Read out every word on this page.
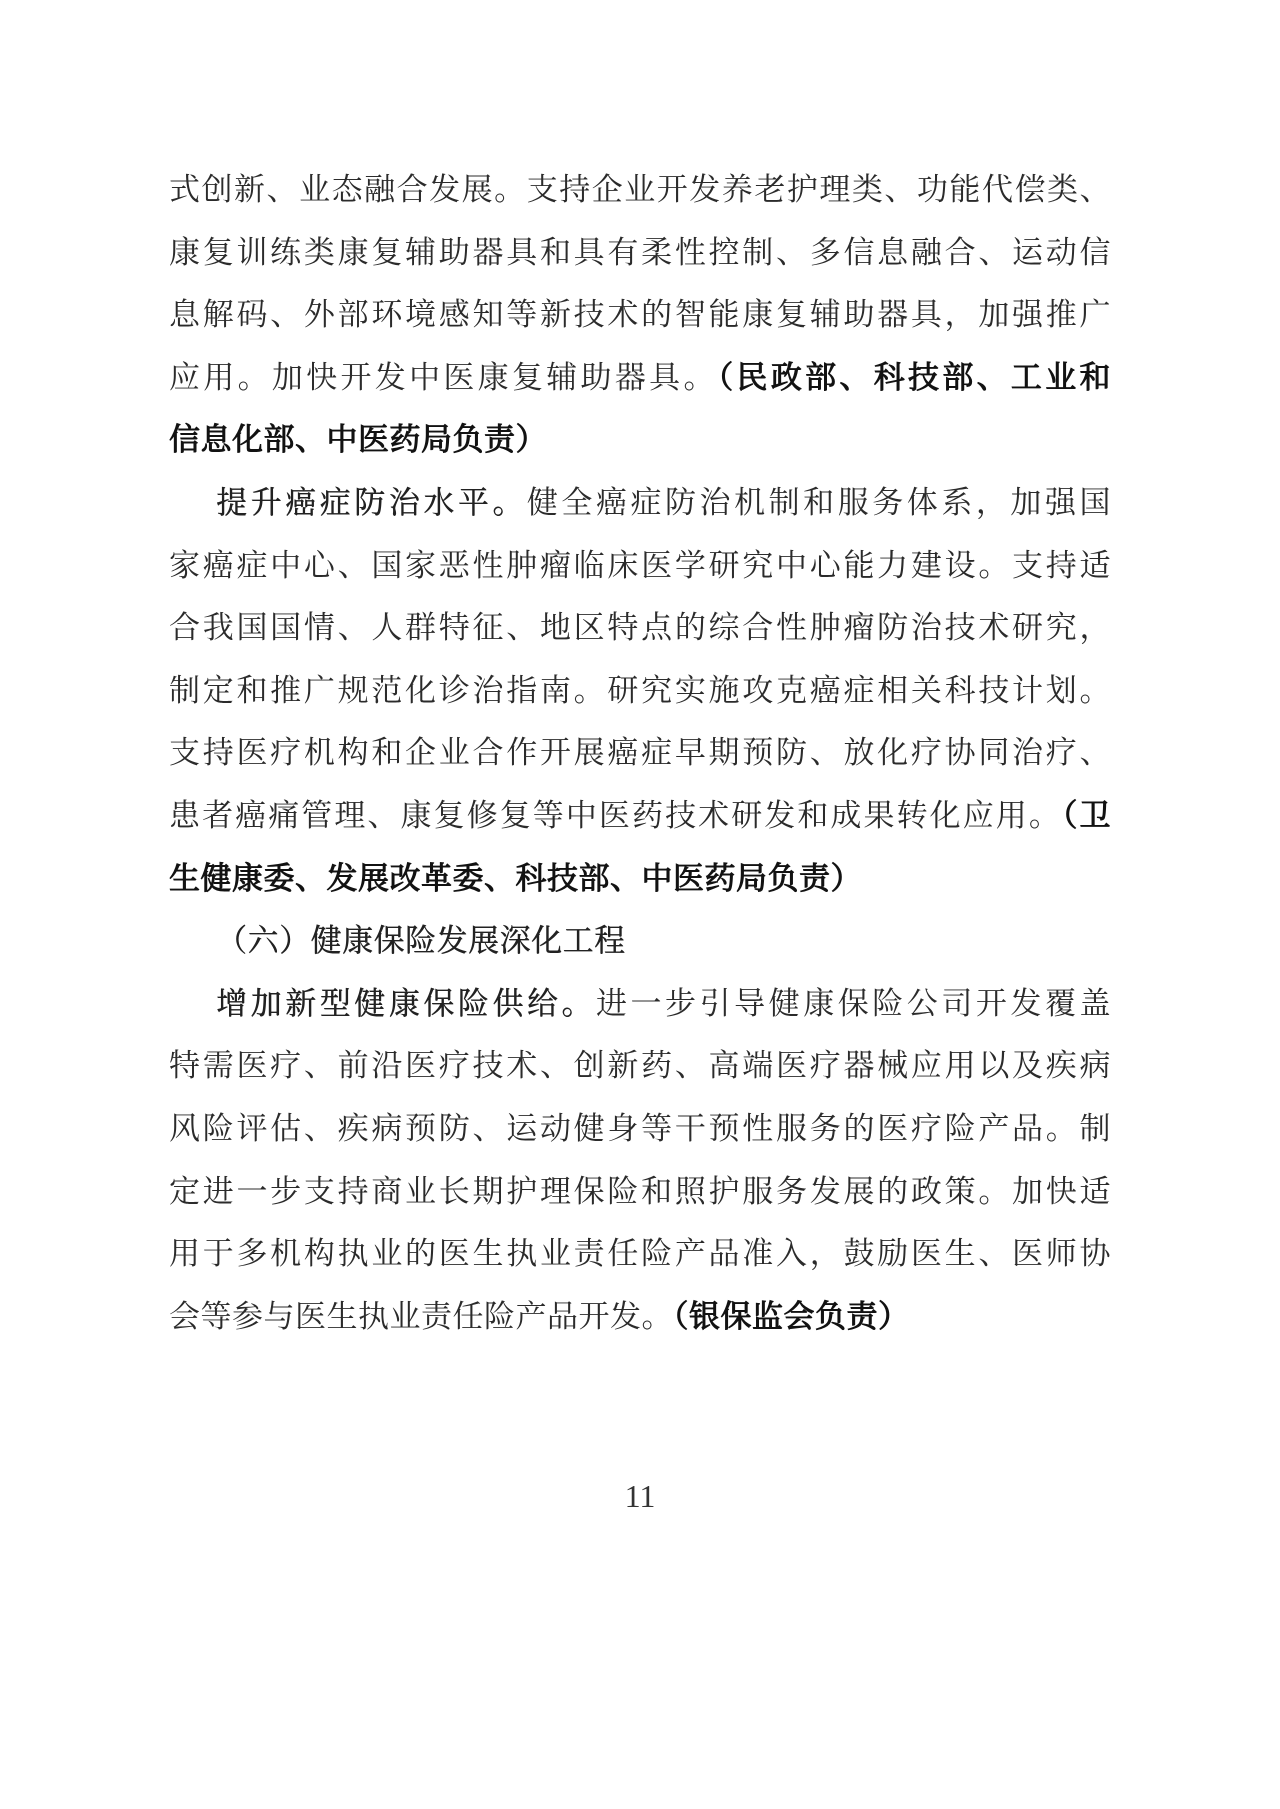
式创新、业态融合发展。支持企业开发养老护理类、功能代偿类、
康复训练类康复辅助器具和具有柔性控制、多信息融合、运动信
息解码、外部环境感知等新技术的智能康复辅助器具，加强推广
应用。加快开发中医康复辅助器具。（民政部、科技部、工业和
信息化部、中医药局负责）
提升癌症防治水平。健全癌症防治机制和服务体系，加强国
家癌症中心、国家恶性肿瘤临床医学研究中心能力建设。支持适
合我国国情、人群特征、地区特点的综合性肿瘤防治技术研究，
制定和推广规范化诊治指南。研究实施攻克癌症相关科技计划。
支持医疗机构和企业合作开展癌症早期预防、放化疗协同治疗、
患者癌痛管理、康复修复等中医药技术研发和成果转化应用。（卫
生健康委、发展改革委、科技部、中医药局负责）
（六）健康保险发展深化工程
增加新型健康保险供给。进一步引导健康保险公司开发覆盖
特需医疗、前沿医疗技术、创新药、高端医疗器械应用以及疾病
风险评估、疾病预防、运动健身等干预性服务的医疗险产品。制
定进一步支持商业长期护理保险和照护服务发展的政策。加快适
用于多机构执业的医生执业责任险产品准入，鼓励医生、医师协
会等参与医生执业责任险产品开发。（银保监会负责）
11
